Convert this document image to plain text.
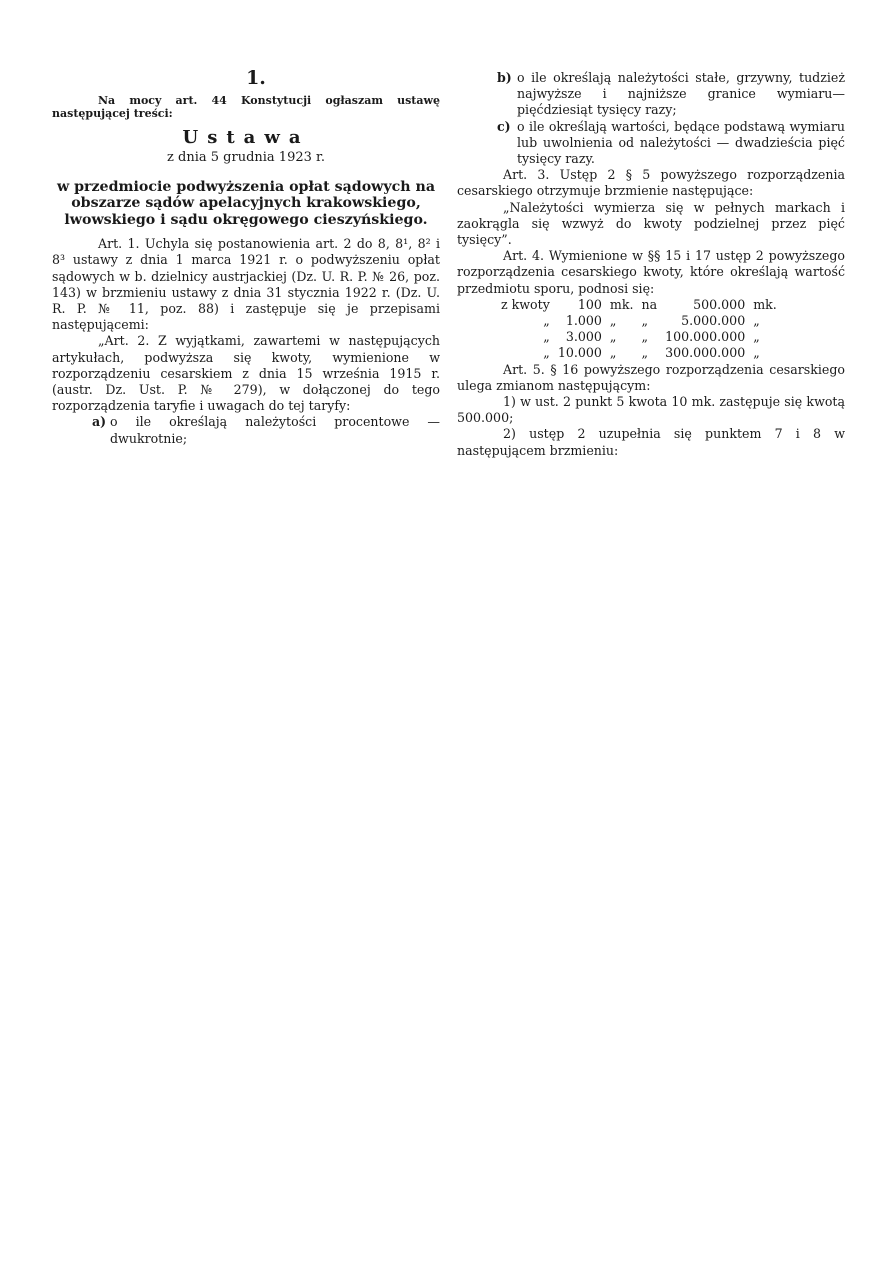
1.

Na mocy art. 44 Konstytucji ogłaszam ustawę następującej treści:

Ustawa
z dnia 5 grudnia 1923 r.
w przedmiocie podwyższenia opłat sądowych na obszarze sądów apelacyjnych krakowskiego, lwowskiego i sądu okręgowego cieszyńskiego.

Art. 1. Uchyla się postanowienia art. 2 do 8, 8¹, 8² i 8³ ustawy z dnia 1 marca 1921 r. o podwyższeniu opłat sądowych w b. dzielnicy austrjackiej (Dz. U. R. P. № 26, poz. 143) w brzmieniu ustawy z dnia 31 stycznia 1922 r. (Dz. U. R. P. № 11, poz. 88) i zastępuje się je przepisami następującemi:

„Art. 2. Z wyjątkami, zawartemi w następujących artykułach, podwyższa się kwoty, wymienione w rozporządzeniu cesarskiem z dnia 15 września 1915 r. (austr. Dz. Ust. P. № 279), w dołączonej do tego rozporządzenia taryfie i uwagach do tej taryfy:

a) o ile określają należytości procentowe — dwukrotnie;
b) o ile określają należytości stałe, grzywny, tudzież najwyższe i najniższe granice wymiaru—pięćdziesiąt tysięcy razy;
c) o ile określają wartości, będące podstawą wymiaru lub uwolnienia od należytości — dwadzieścia pięć tysięcy razy.

Art. 3. Ustęp 2 § 5 powyższego rozporządzenia cesarskiego otrzymuje brzmienie następujące:

„Należytości wymierza się w pełnych markach i zaokrągla się wzwyż do kwoty podzielnej przez pięć tysięcy”.

Art. 4. Wymienione w §§ 15 i 17 ustęp 2 powyższego rozporządzenia cesarskiego kwoty, które określają wartość przedmiotu sporu, podnosi się:

z kwoty	100	mk.	na	500.000	mk.
„	1.000	„	„	5.000.000	„
„	3.000	„	„	100.000.000	„
„	10.000	„	„	300.000.000	„

Art. 5. § 16 powyższego rozporządzenia cesarskiego ulega zmianom następującym:

1) w ust. 2 punkt 5 kwota 10 mk. zastępuje się kwotą 500.000;

2) ustęp 2 uzupełnia się punktem 7 i 8 w następującem brzmieniu:
